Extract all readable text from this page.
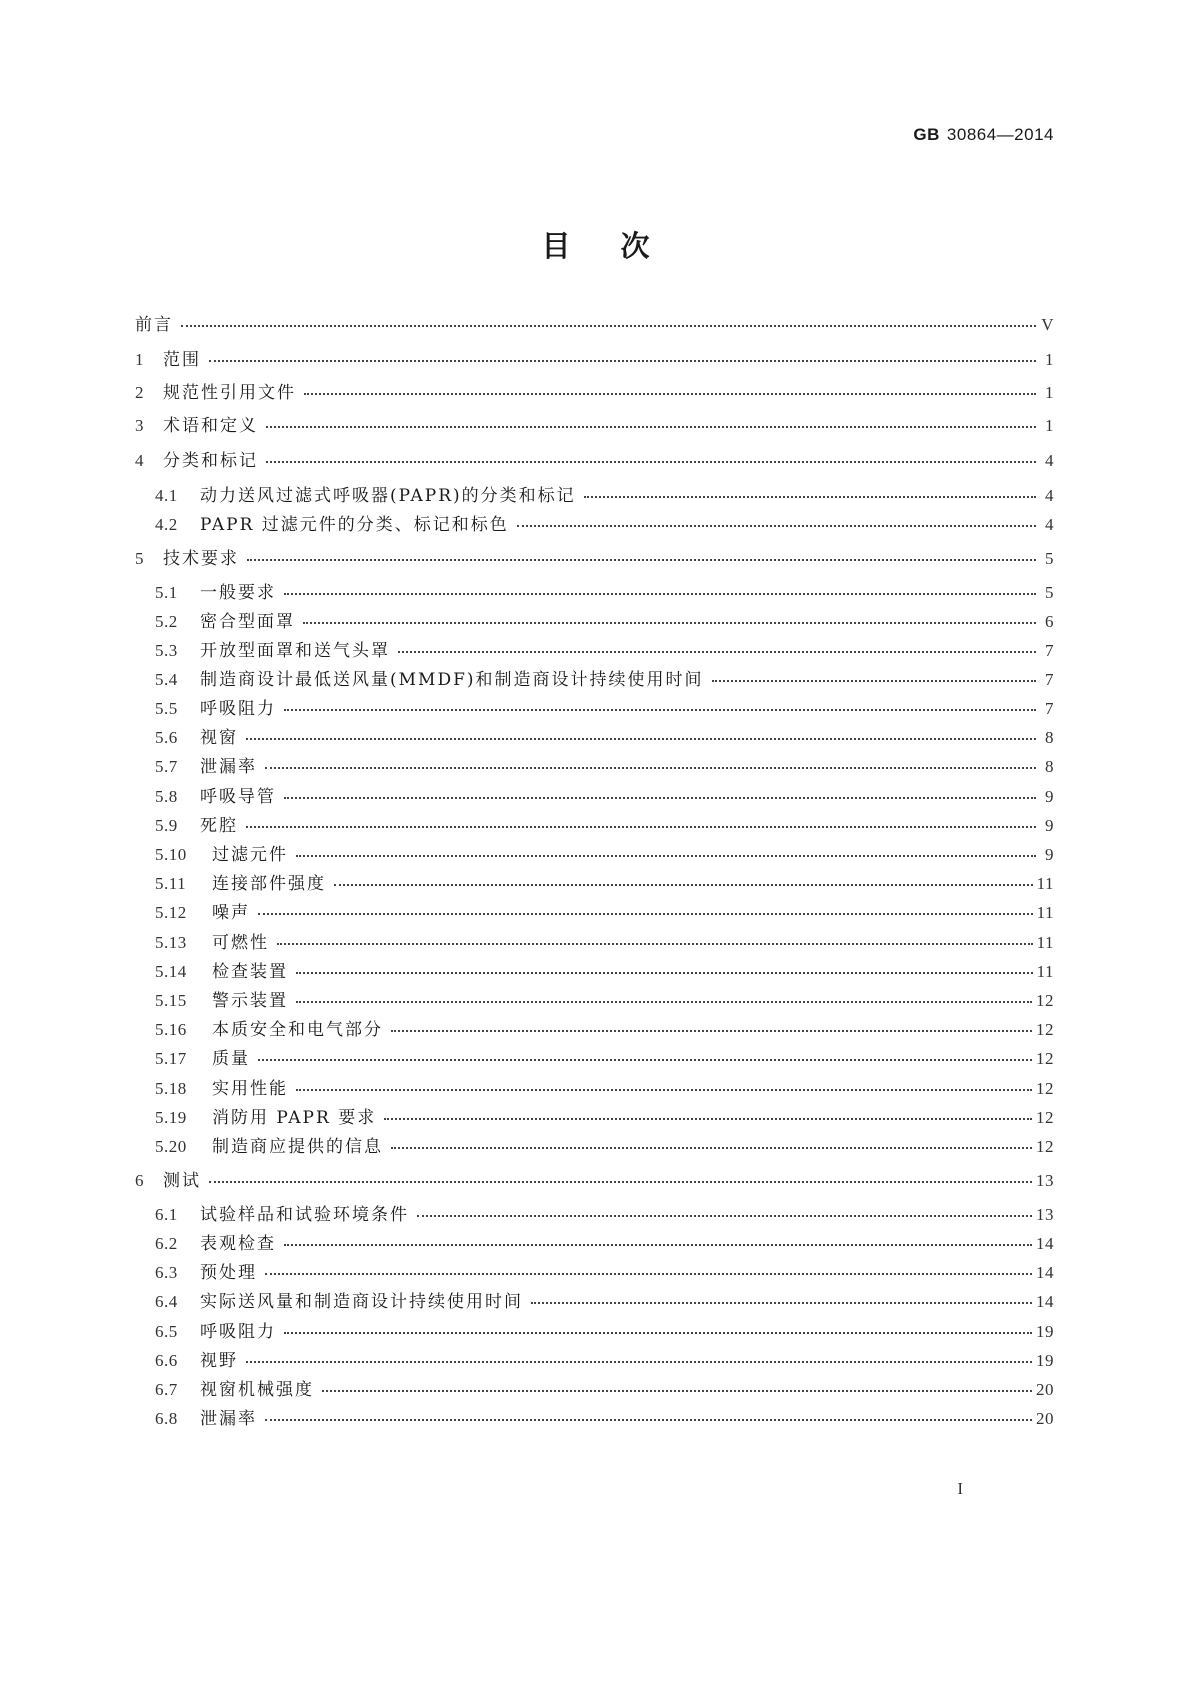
GB 30864—2014
目次
前言	V
1	范围	1
2	规范性引用文件	1
3	术语和定义	1
4	分类和标记	4
4.1	动力送风过滤式呼吸器(PAPR)的分类和标记	4
4.2	PAPR 过滤元件的分类、标记和标色	4
5	技术要求	5
5.1	一般要求	5
5.2	密合型面罩	6
5.3	开放型面罩和送气头罩	7
5.4	制造商设计最低送风量(MMDF)和制造商设计持续使用时间	7
5.5	呼吸阻力	7
5.6	视窗	8
5.7	泄漏率	8
5.8	呼吸导管	9
5.9	死腔	9
5.10	过滤元件	9
5.11	连接部件强度	11
5.12	噪声	11
5.13	可燃性	11
5.14	检查装置	11
5.15	警示装置	12
5.16	本质安全和电气部分	12
5.17	质量	12
5.18	实用性能	12
5.19	消防用 PAPR 要求	12
5.20	制造商应提供的信息	12
6	测试	13
6.1	试验样品和试验环境条件	13
6.2	表观检查	14
6.3	预处理	14
6.4	实际送风量和制造商设计持续使用时间	14
6.5	呼吸阻力	19
6.6	视野	19
6.7	视窗机械强度	20
6.8	泄漏率	20
I
